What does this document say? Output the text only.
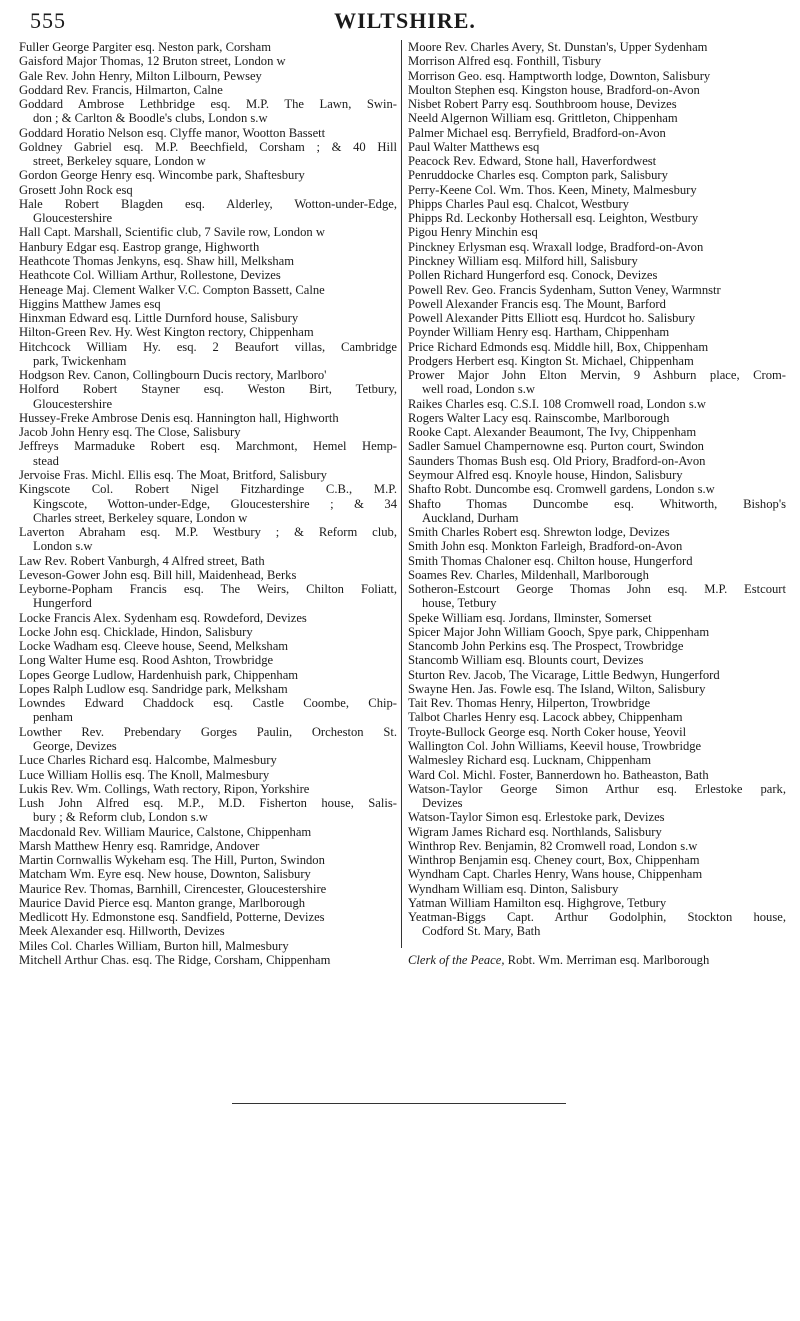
555	WILTSHIRE.
Fuller George Pargiter esq. Neston park, Corsham
Gaisford Major Thomas, 12 Bruton street, London w
Gale Rev. John Henry, Milton Lilbourn, Pewsey
Goddard Rev. Francis, Hilmarton, Calne
Goddard Ambrose Lethbridge esq. M.P. The Lawn, Swin-
don ; & Carlton & Boodle's clubs, London s.w
Goddard Horatio Nelson esq. Clyffe manor, Wootton Bassett
Goldney Gabriel esq. M.P. Beechfield, Corsham ; & 40 Hill
street, Berkeley square, London w
Gordon George Henry esq. Wincombe park, Shaftesbury
Grosett John Rock esq
Hale Robert Blagden esq. Alderley, Wotton-under-Edge,
Gloucestershire
Hall Capt. Marshall, Scientific club, 7 Savile row, London w
Hanbury Edgar esq. Eastrop grange, Highworth
Heathcote Thomas Jenkyns, esq. Shaw hill, Melksham
Heathcote Col. William Arthur, Rollestone, Devizes
Heneage Maj. Clement Walker V.C. Compton Bassett, Calne
Higgins Matthew James esq
Hinxman Edward esq. Little Durnford house, Salisbury
Hilton-Green Rev. Hy. West Kington rectory, Chippenham
Hitchcock William Hy. esq. 2 Beaufort villas, Cambridge
park, Twickenham
Hodgson Rev. Canon, Collingbourn Ducis rectory, Marlboro'
Holford Robert Stayner esq. Weston Birt, Tetbury,
Gloucestershire
Hussey-Freke Ambrose Denis esq. Hannington hall, Highworth
Jacob John Henry esq. The Close, Salisbury
Jeffreys Marmaduke Robert esq. Marchmont, Hemel Hemp-
stead
Jervoise Fras. Michl. Ellis esq. The Moat, Britford, Salisbury
Kingscote Col. Robert Nigel Fitzhardinge C.B., M.P.
Kingscote, Wotton-under-Edge, Gloucestershire ; & 34
Charles street, Berkeley square, London w
Laverton Abraham esq. M.P. Westbury ; & Reform club,
London s.w
Law Rev. Robert Vanburgh, 4 Alfred street, Bath
Leveson-Gower John esq. Bill hill, Maidenhead, Berks
Leyborne-Popham Francis esq. The Weirs, Chilton Foliatt,
Hungerford
Locke Francis Alex. Sydenham esq. Rowdeford, Devizes
Locke John esq. Chicklade, Hindon, Salisbury
Locke Wadham esq. Cleeve house, Seend, Melksham
Long Walter Hume esq. Rood Ashton, Trowbridge
Lopes George Ludlow, Hardenhuish park, Chippenham
Lopes Ralph Ludlow esq. Sandridge park, Melksham
Lowndes Edward Chaddock esq. Castle Coombe, Chip-
penham
Lowther Rev. Prebendary Gorges Paulin, Orcheston St.
George, Devizes
Luce Charles Richard esq. Halcombe, Malmesbury
Luce William Hollis esq. The Knoll, Malmesbury
Lukis Rev. Wm. Collings, Wath rectory, Ripon, Yorkshire
Lush John Alfred esq. M.P., M.D. Fisherton house, Salis-
bury ; & Reform club, London s.w
Macdonald Rev. William Maurice, Calstone, Chippenham
Marsh Matthew Henry esq. Ramridge, Andover
Martin Cornwallis Wykeham esq. The Hill, Purton, Swindon
Matcham Wm. Eyre esq. New house, Downton, Salisbury
Maurice Rev. Thomas, Barnhill, Cirencester, Gloucestershire
Maurice David Pierce esq. Manton grange, Marlborough
Medlicott Hy. Edmonstone esq. Sandfield, Potterne, Devizes
Meek Alexander esq. Hillworth, Devizes
Miles Col. Charles William, Burton hill, Malmesbury
Mitchell Arthur Chas. esq. The Ridge, Corsham, Chippenham
Moore Rev. Charles Avery, St. Dunstan's, Upper Sydenham
Morrison Alfred esq. Fonthill, Tisbury
Morrison Geo. esq. Hamptworth lodge, Downton, Salisbury
Moulton Stephen esq. Kingston house, Bradford-on-Avon
Nisbet Robert Parry esq. Southbroom house, Devizes
Neeld Algernon William esq. Grittleton, Chippenham
Palmer Michael esq. Berryfield, Bradford-on-Avon
Paul Walter Matthews esq
Peacock Rev. Edward, Stone hall, Haverfordwest
Penruddocke Charles esq. Compton park, Salisbury
Perry-Keene Col. Wm. Thos. Keen, Minety, Malmesbury
Phipps Charles Paul esq. Chalcot, Westbury
Phipps Rd. Leckonby Hothersall esq. Leighton, Westbury
Pigou Henry Minchin esq
Pinckney Erlysman esq. Wraxall lodge, Bradford-on-Avon
Pinckney William esq. Milford hill, Salisbury
Pollen Richard Hungerford esq. Conock, Devizes
Powell Rev. Geo. Francis Sydenham, Sutton Veney, Warmnstr
Powell Alexander Francis esq. The Mount, Barford
Powell Alexander Pitts Elliott esq. Hurdcot ho. Salisbury
Poynder William Henry esq. Hartham, Chippenham
Price Richard Edmonds esq. Middle hill, Box, Chippenham
Prodgers Herbert esq. Kington St. Michael, Chippenham
Prower Major John Elton Mervin, 9 Ashburn place, Crom-
well road, London s.w
Raikes Charles esq. C.S.I. 108 Cromwell road, London s.w
Rogers Walter Lacy esq. Rainscombe, Marlborough
Rooke Capt. Alexander Beaumont, The Ivy, Chippenham
Sadler Samuel Champernowne esq. Purton court, Swindon
Saunders Thomas Bush esq. Old Priory, Bradford-on-Avon
Seymour Alfred esq. Knoyle house, Hindon, Salisbury
Shafto Robt. Duncombe esq. Cromwell gardens, London s.w
Shafto Thomas Duncombe esq. Whitworth, Bishop's
Auckland, Durham
Smith Charles Robert esq. Shrewton lodge, Devizes
Smith John esq. Monkton Farleigh, Bradford-on-Avon
Smith Thomas Chaloner esq. Chilton house, Hungerford
Soames Rev. Charles, Mildenhall, Marlborough
Sotheron-Estcourt George Thomas John esq. M.P. Estcourt
house, Tetbury
Speke William esq. Jordans, Ilminster, Somerset
Spicer Major John William Gooch, Spye park, Chippenham
Stancomb John Perkins esq. The Prospect, Trowbridge
Stancomb William esq. Blounts court, Devizes
Sturton Rev. Jacob, The Vicarage, Little Bedwyn, Hungerford
Swayne Hen. Jas. Fowle esq. The Island, Wilton, Salisbury
Tait Rev. Thomas Henry, Hilperton, Trowbridge
Talbot Charles Henry esq. Lacock abbey, Chippenham
Troyte-Bullock George esq. North Coker house, Yeovil
Wallington Col. John Williams, Keevil house, Trowbridge
Walmesley Richard esq. Lucknam, Chippenham
Ward Col. Michl. Foster, Bannerdown ho. Batheaston, Bath
Watson-Taylor George Simon Arthur esq. Erlestoke park,
Devizes
Watson-Taylor Simon esq. Erlestoke park, Devizes
Wigram James Richard esq. Northlands, Salisbury
Winthrop Rev. Benjamin, 82 Cromwell road, London s.w
Winthrop Benjamin esq. Cheney court, Box, Chippenham
Wyndham Capt. Charles Henry, Wans house, Chippenham
Wyndham William esq. Dinton, Salisbury
Yatman William Hamilton esq. Highgrove, Tetbury
Yeatman-Biggs Capt. Arthur Godolphin, Stockton house,
Codford St. Mary, Bath
Clerk of the Peace, Robt. Wm. Merriman esq. Marlborough
